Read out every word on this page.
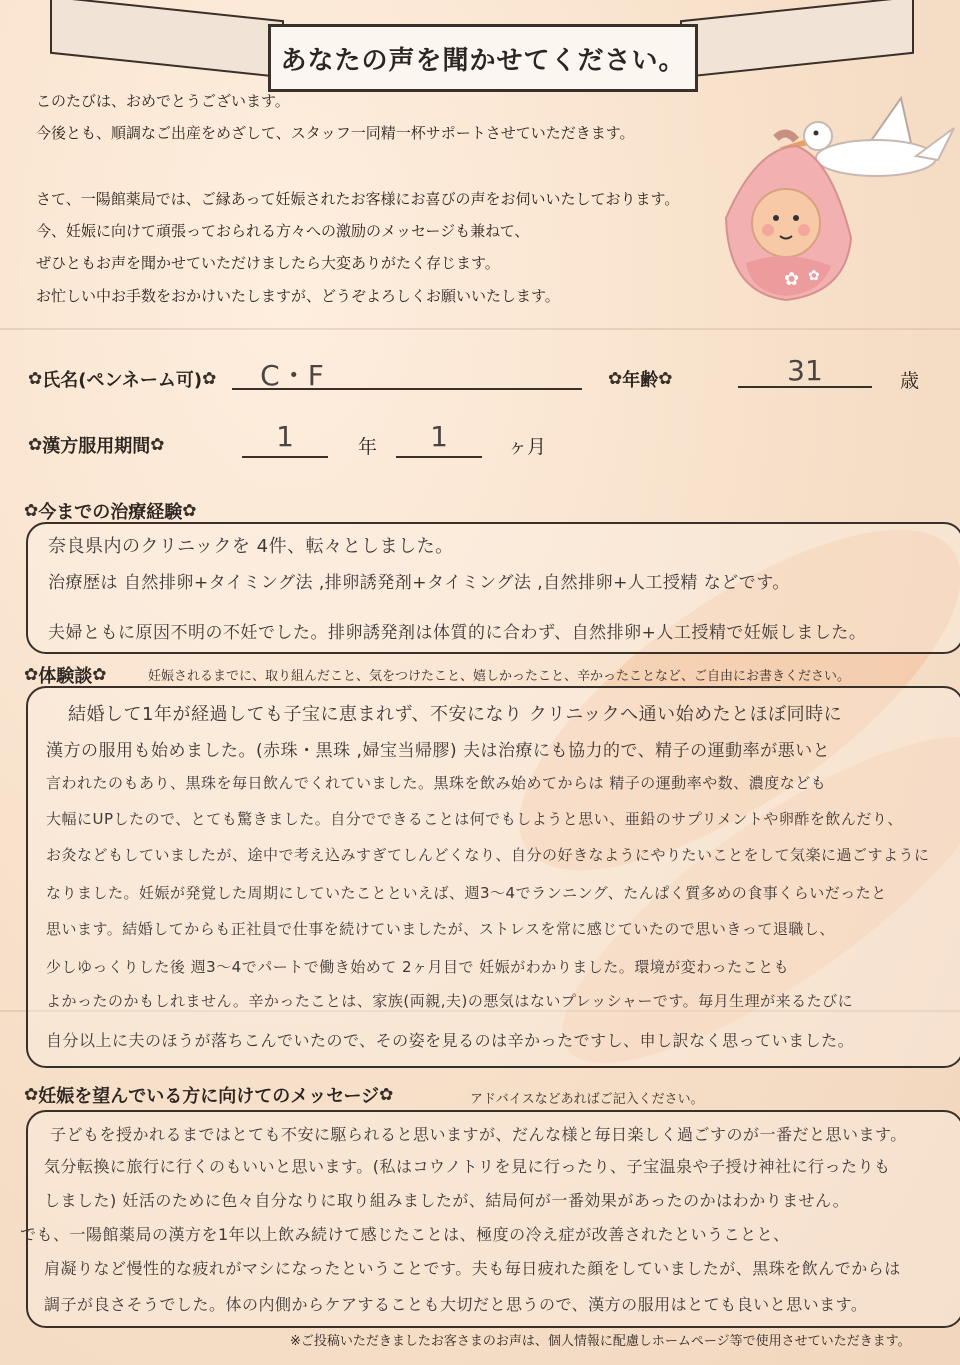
あなたの声を聞かせてください。
このたびは、おめでとうございます。
今後とも、順調なご出産をめざして、スタッフ一同精一杯サポートさせていただきます。
さて、一陽館薬局では、ご縁あって妊娠されたお客様にお喜びの声をお伺いいたしております。
今、妊娠に向けて頑張っておられる方々への激励のメッセージも兼ねて、
ぜひともお声を聞かせていただけましたら大変ありがたく存じます。
お忙しい中お手数をおかけいたしますが、どうぞよろしくお願いいたします。
✿ ✿
✿ 氏名(ペンネーム可) ✿	C・F	✿ 年齢 ✿	31	歳
✿ 漢方服用期間 ✿	1	年	1	ヶ月
✿ 今までの治療経験 ✿
奈良県内のクリニックを 4件、転々としました。
治療歴は 自然排卵+タイミング法 ,排卵誘発剤+タイミング法 ,自然排卵+人工授精 などです。
夫婦ともに原因不明の不妊でした。排卵誘発剤は体質的に合わず、自然排卵+人工授精で妊娠しました。
✿ 体験談 ✿	妊娠されるまでに、取り組んだこと、気をつけたこと、嬉しかったこと、辛かったことなど、ご自由にお書きください。
結婚して1年が経過しても子宝に恵まれず、不安になり クリニックへ通い始めたとほぼ同時に
漢方の服用も始めました。(赤珠・黒珠 ,婦宝当帰膠) 夫は治療にも協力的で、精子の運動率が悪いと
言われたのもあり、黒珠を毎日飲んでくれていました。黒珠を飲み始めてからは 精子の運動率や数、濃度なども
大幅にUPしたので、とても驚きました。自分でできることは何でもしようと思い、亜鉛のサプリメントや卵酢を飲んだり、
お灸などもしていましたが、途中で考え込みすぎてしんどくなり、自分の好きなようにやりたいことをして気楽に過ごすように
なりました。妊娠が発覚した周期にしていたことといえば、週3〜4でランニング、たんぱく質多めの食事くらいだったと
思います。結婚してからも正社員で仕事を続けていましたが、ストレスを常に感じていたので思いきって退職し、
少しゆっくりした後 週3〜4でパートで働き始めて 2ヶ月目で 妊娠がわかりました。環境が変わったことも
よかったのかもしれません。辛かったことは、家族(両親,夫)の悪気はないプレッシャーです。毎月生理が来るたびに
自分以上に夫のほうが落ちこんでいたので、その姿を見るのは辛かったですし、申し訳なく思っていました。
✿ 妊娠を望んでいる方に向けてのメッセージ ✿	アドバイスなどあればご記入ください。
子どもを授かれるまではとても不安に駆られると思いますが、だんな様と毎日楽しく過ごすのが一番だと思います。
気分転換に旅行に行くのもいいと思います。(私はコウノトリを見に行ったり、子宝温泉や子授け神社に行ったりも
しました) 妊活のために色々自分なりに取り組みましたが、結局何が一番効果があったのかはわかりません。
でも、一陽館薬局の漢方を1年以上飲み続けて感じたことは、極度の冷え症が改善されたということと、
肩凝りなど慢性的な疲れがマシになったということです。夫も毎日疲れた顔をしていましたが、黒珠を飲んでからは
調子が良さそうでした。体の内側からケアすることも大切だと思うので、漢方の服用はとても良いと思います。
※ご投稿いただきましたお客さまのお声は、個人情報に配慮しホームページ等で使用させていただきます。
